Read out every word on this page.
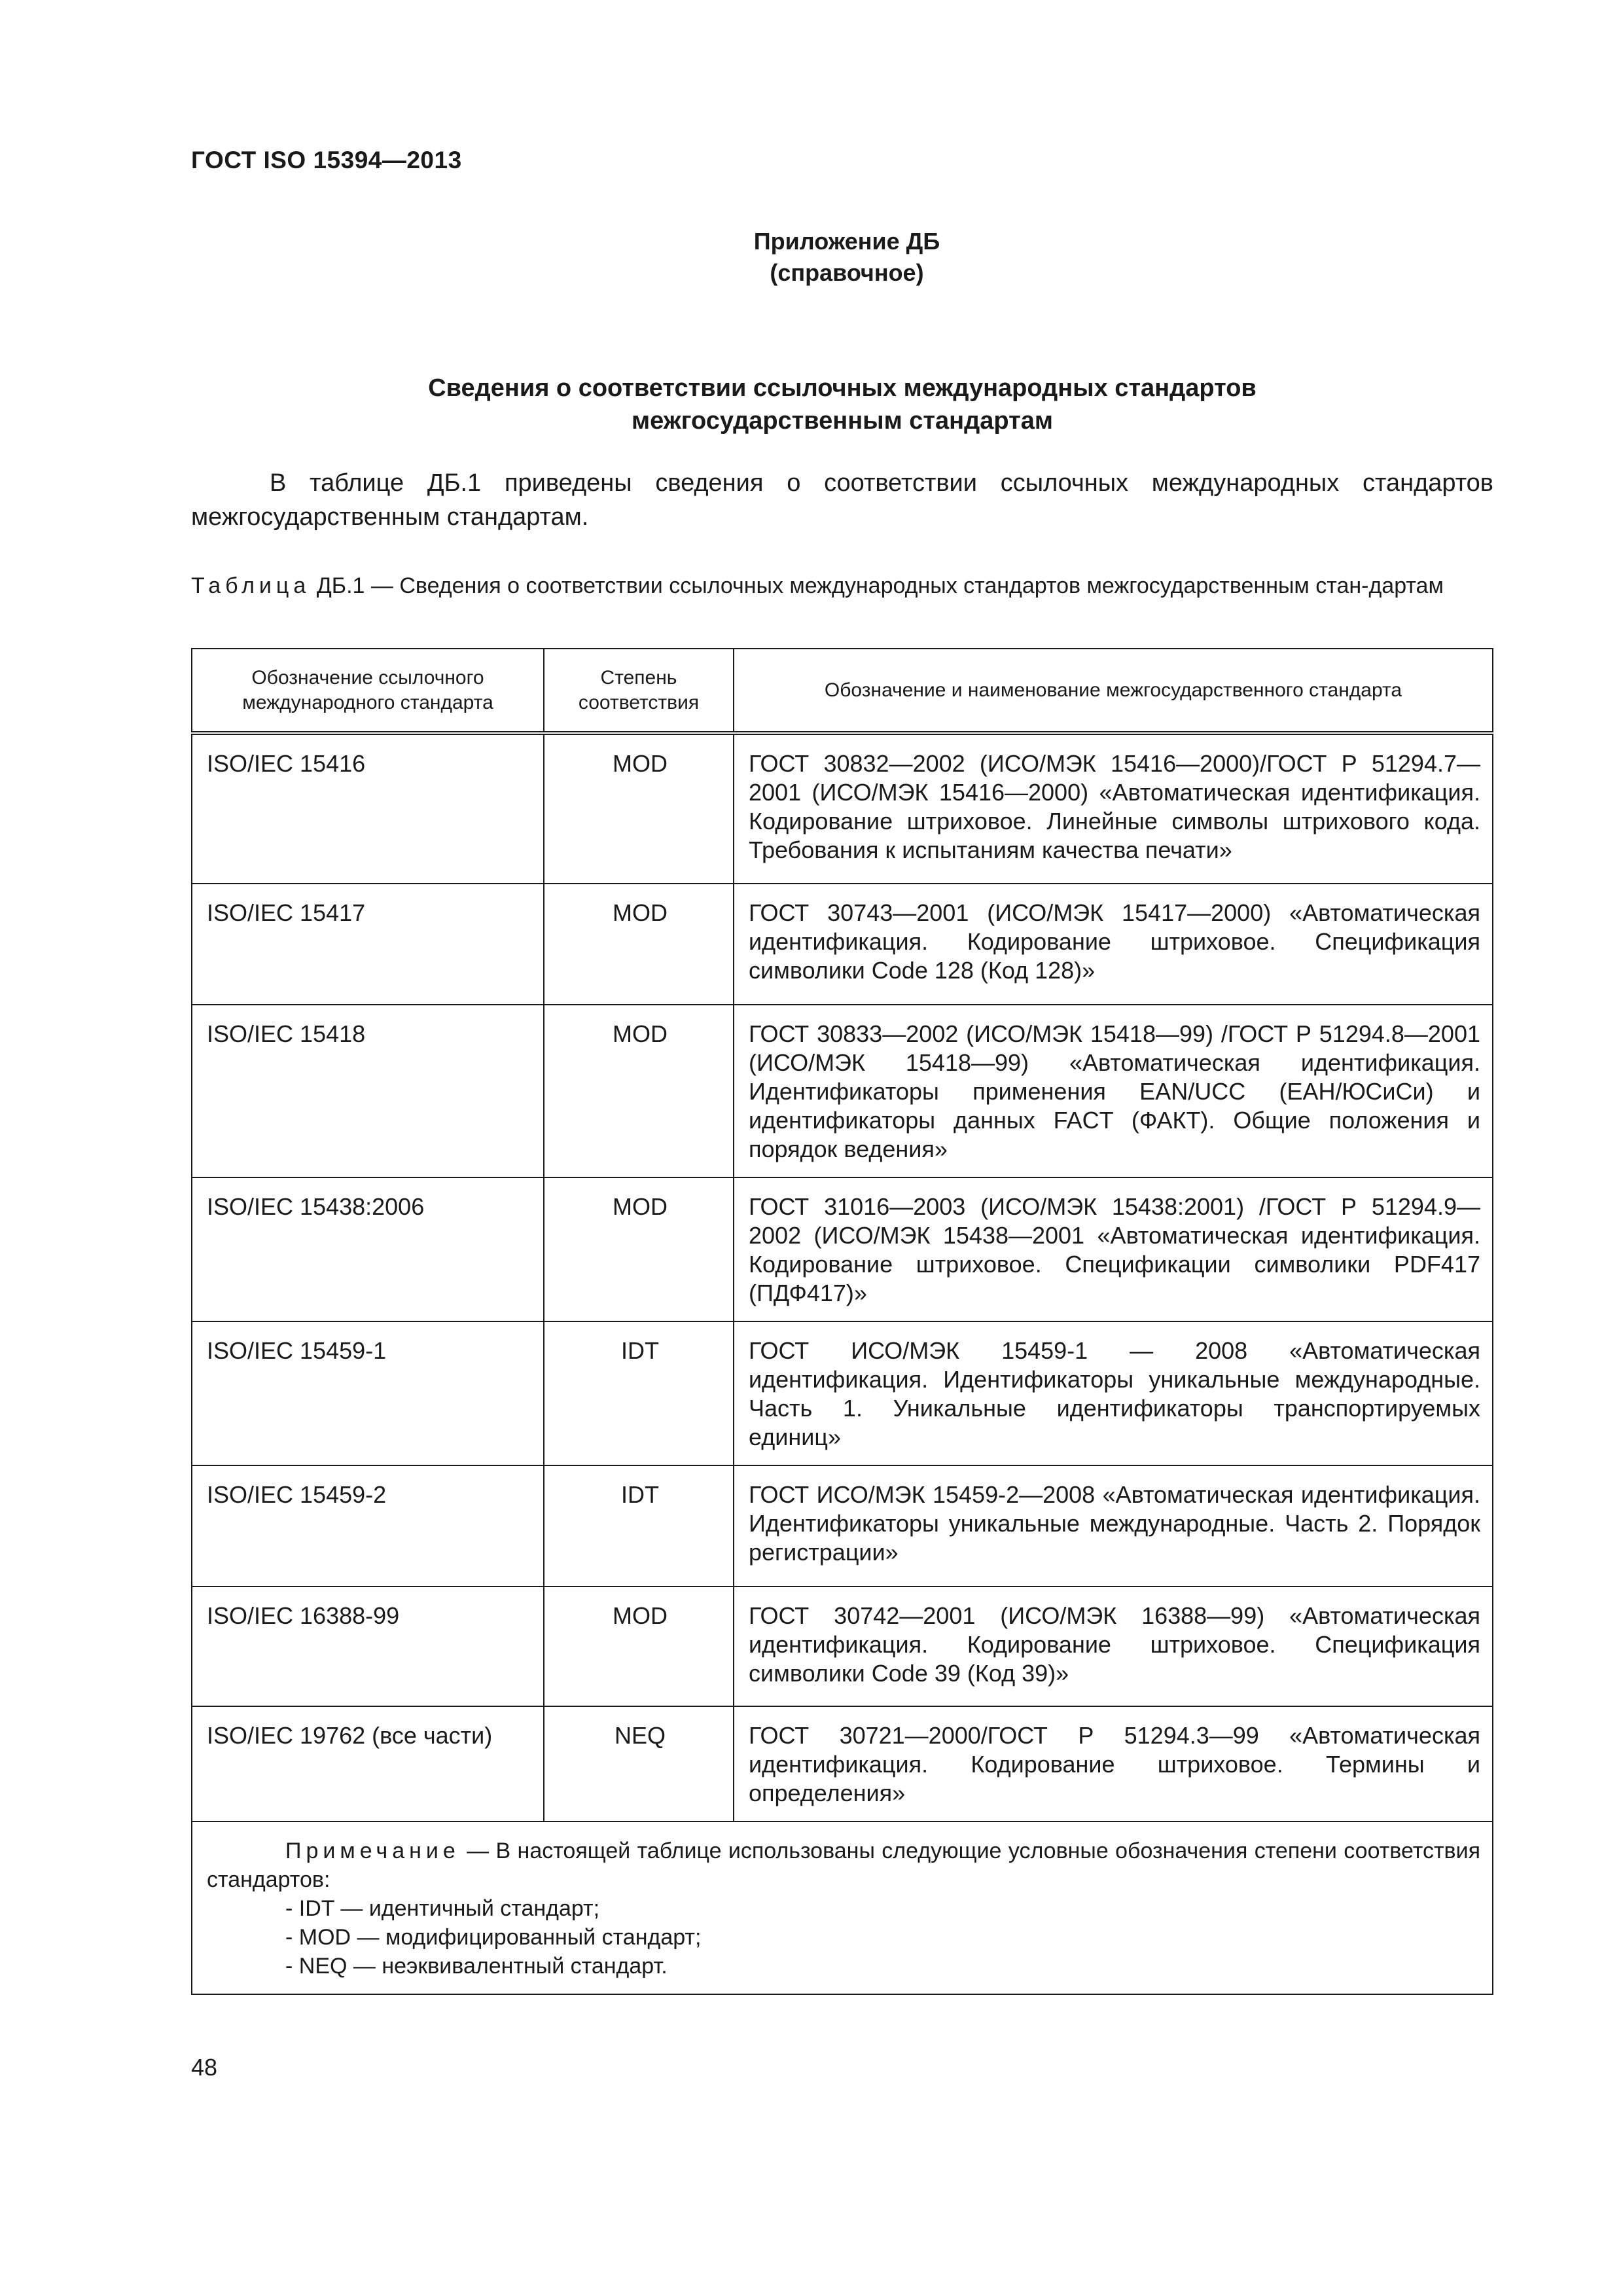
ГОСТ ISO 15394—2013
Приложение ДБ
(справочное)
Сведения о соответствии ссылочных международных стандартов
межгосударственным стандартам
В таблице ДБ.1 приведены сведения о соответствии ссылочных международных стандартов межгосударственным стандартам.
Таблица ДБ.1 — Сведения о соответствии ссылочных международных стандартов межгосударственным стан-дартам
Обозначение ссылочного международного стандарта	Степень соответствия	Обозначение и наименование межгосударственного стандарта
ISO/IEC 15416	MOD	ГОСТ 30832—2002 (ИСО/МЭК 15416—2000)/ГОСТ Р 51294.7—2001 (ИСО/МЭК 15416—2000) «Автоматическая идентификация. Кодирование штриховое. Линейные символы штрихового кода. Требования к испытаниям качества печати»
ISO/IEC 15417	MOD	ГОСТ 30743—2001 (ИСО/МЭК 15417—2000) «Автоматическая идентификация. Кодирование штриховое. Спецификация символики Code 128 (Код 128)»
ISO/IEC 15418	MOD	ГОСТ 30833—2002 (ИСО/МЭК 15418—99) /ГОСТ Р 51294.8—2001 (ИСО/МЭК 15418—99) «Автоматическая идентификация. Идентификаторы применения EAN/UCC (ЕАН/ЮСиСи) и идентификаторы данных FACT (ФАКТ). Общие положения и порядок ведения»
ISO/IEC 15438:2006	MOD	ГОСТ 31016—2003 (ИСО/МЭК 15438:2001) /ГОСТ Р 51294.9—2002 (ИСО/МЭК 15438—2001 «Автоматическая идентификация. Кодирование штриховое. Спецификации символики PDF417 (ПДФ417)»
ISO/IEC 15459-1	IDT	ГОСТ ИСО/МЭК 15459-1 — 2008 «Автоматическая идентификация. Идентификаторы уникальные международные. Часть 1. Уникальные идентификаторы транспортируемых единиц»
ISO/IEC 15459-2	IDT	ГОСТ ИСО/МЭК 15459-2—2008 «Автоматическая идентификация. Идентификаторы уникальные международные. Часть 2. Порядок регистрации»
ISO/IEC 16388-99	MOD	ГОСТ 30742—2001 (ИСО/МЭК 16388—99) «Автоматическая идентификация. Кодирование штриховое. Спецификация символики Code 39 (Код 39)»
ISO/IEC 19762 (все части)	NEQ	ГОСТ 30721—2000/ГОСТ Р 51294.3—99 «Автоматическая идентификация. Кодирование штриховое. Термины и определения»

Примечание — В настоящей таблице использованы следующие условные обозначения степени соответствия стандартов:
- IDT — идентичный стандарт;
- MOD — модифицированный стандарт;
- NEQ — неэквивалентный стандарт.		
48
